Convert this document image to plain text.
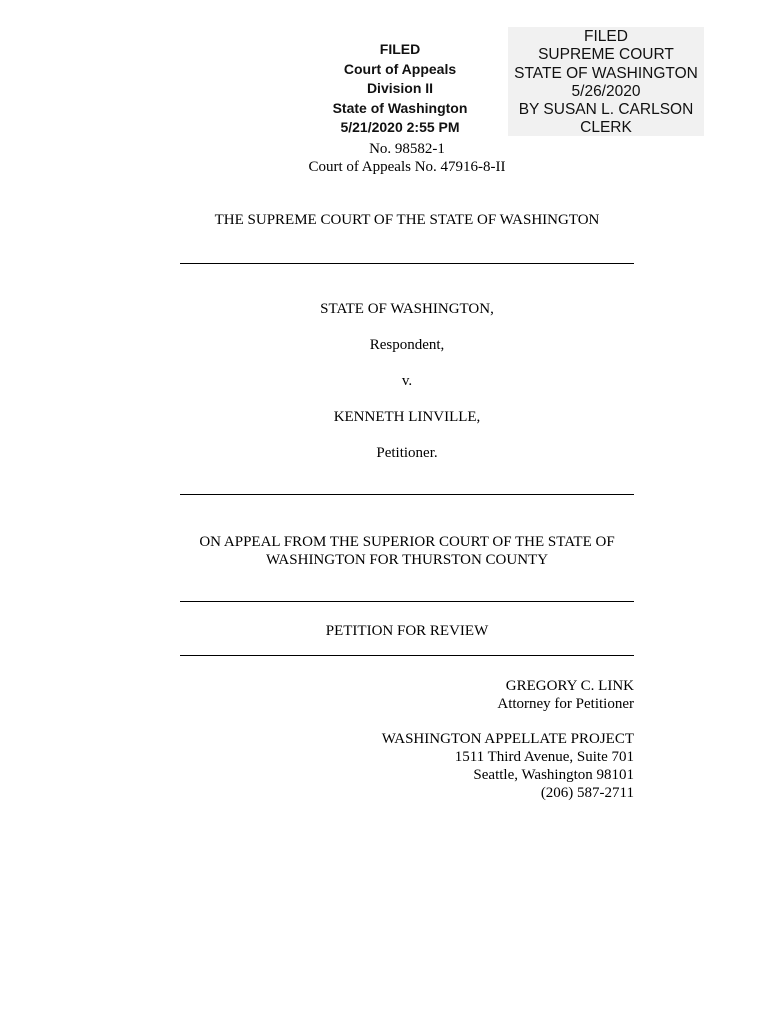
FILED
Court of Appeals
Division II
State of Washington
5/21/2020 2:55 PM
FILED
SUPREME COURT
STATE OF WASHINGTON
5/26/2020
BY SUSAN L. CARLSON
CLERK
No. 98582-1
Court of Appeals No. 47916-8-II
THE SUPREME COURT OF THE STATE OF WASHINGTON
STATE OF WASHINGTON,
Respondent,
v.
KENNETH LINVILLE,
Petitioner.
ON APPEAL FROM THE SUPERIOR COURT OF THE STATE OF
WASHINGTON FOR THURSTON COUNTY
PETITION FOR REVIEW
GREGORY C. LINK
Attorney for Petitioner
WASHINGTON APPELLATE PROJECT
1511 Third Avenue, Suite 701
Seattle, Washington 98101
(206) 587-2711
